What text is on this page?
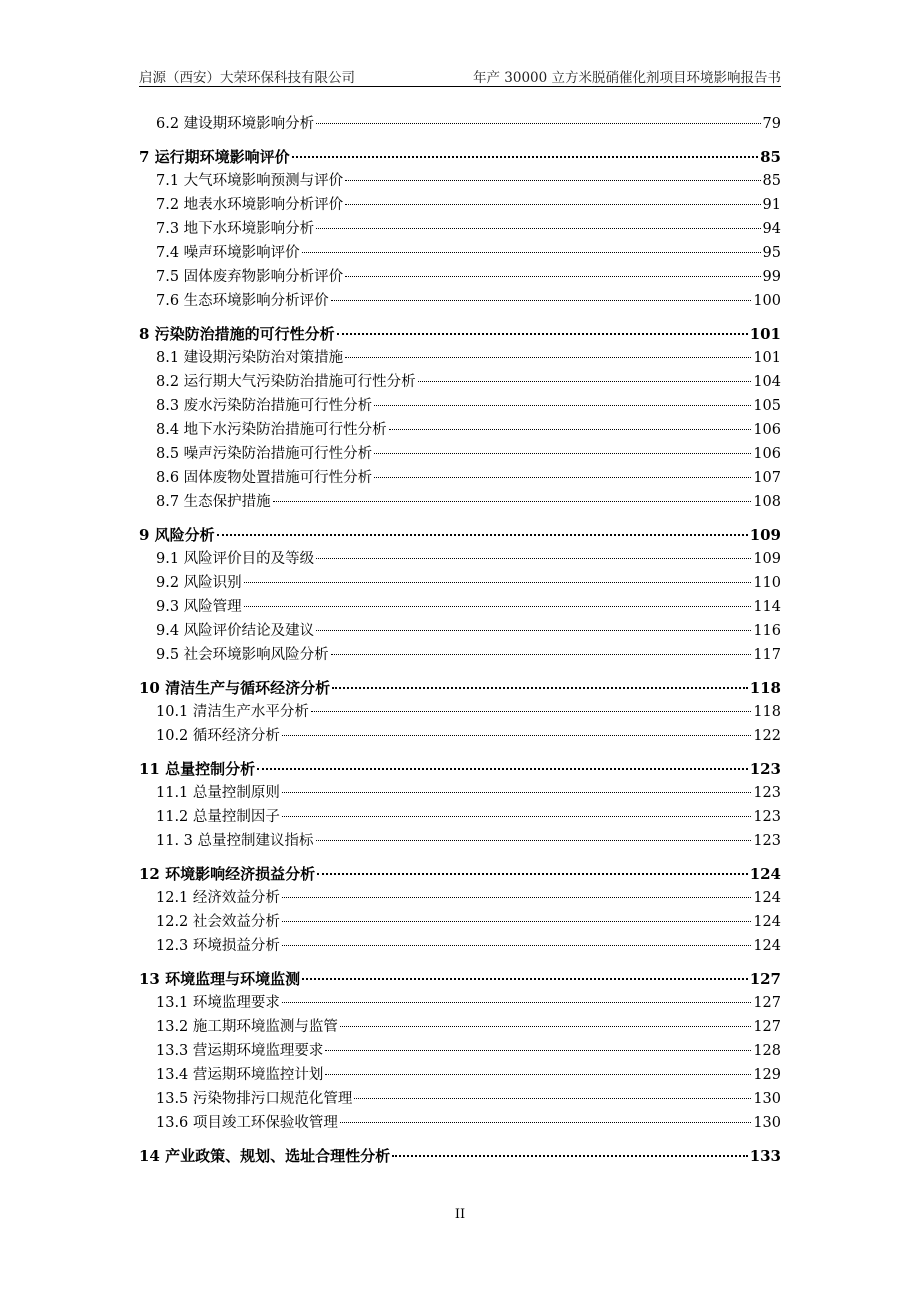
启源（西安）大荣环保科技有限公司	年产 30000 立方米脱硝催化剂项目环境影响报告书
6.2 建设期环境影响分析	79
7 运行期环境影响评价	85
7.1 大气环境影响预测与评价	85
7.2 地表水环境影响分析评价	91
7.3 地下水环境影响分析	94
7.4 噪声环境影响评价	95
7.5 固体废弃物影响分析评价	99
7.6 生态环境影响分析评价	100
8 污染防治措施的可行性分析	101
8.1 建设期污染防治对策措施	101
8.2 运行期大气污染防治措施可行性分析	104
8.3 废水污染防治措施可行性分析	105
8.4 地下水污染防治措施可行性分析	106
8.5 噪声污染防治措施可行性分析	106
8.6 固体废物处置措施可行性分析	107
8.7 生态保护措施	108
9 风险分析	109
9.1 风险评价目的及等级	109
9.2 风险识别	110
9.3 风险管理	114
9.4 风险评价结论及建议	116
9.5 社会环境影响风险分析	117
10 清洁生产与循环经济分析	118
10.1 清洁生产水平分析	118
10.2 循环经济分析	122
11 总量控制分析	123
11.1 总量控制原则	123
11.2 总量控制因子	123
11. 3 总量控制建议指标	123
12 环境影响经济损益分析	124
12.1 经济效益分析	124
12.2 社会效益分析	124
12.3 环境损益分析	124
13 环境监理与环境监测	127
13.1 环境监理要求	127
13.2 施工期环境监测与监管	127
13.3 营运期环境监理要求	128
13.4 营运期环境监控计划	129
13.5 污染物排污口规范化管理	130
13.6 项目竣工环保验收管理	130
14 产业政策、规划、选址合理性分析	133
II
